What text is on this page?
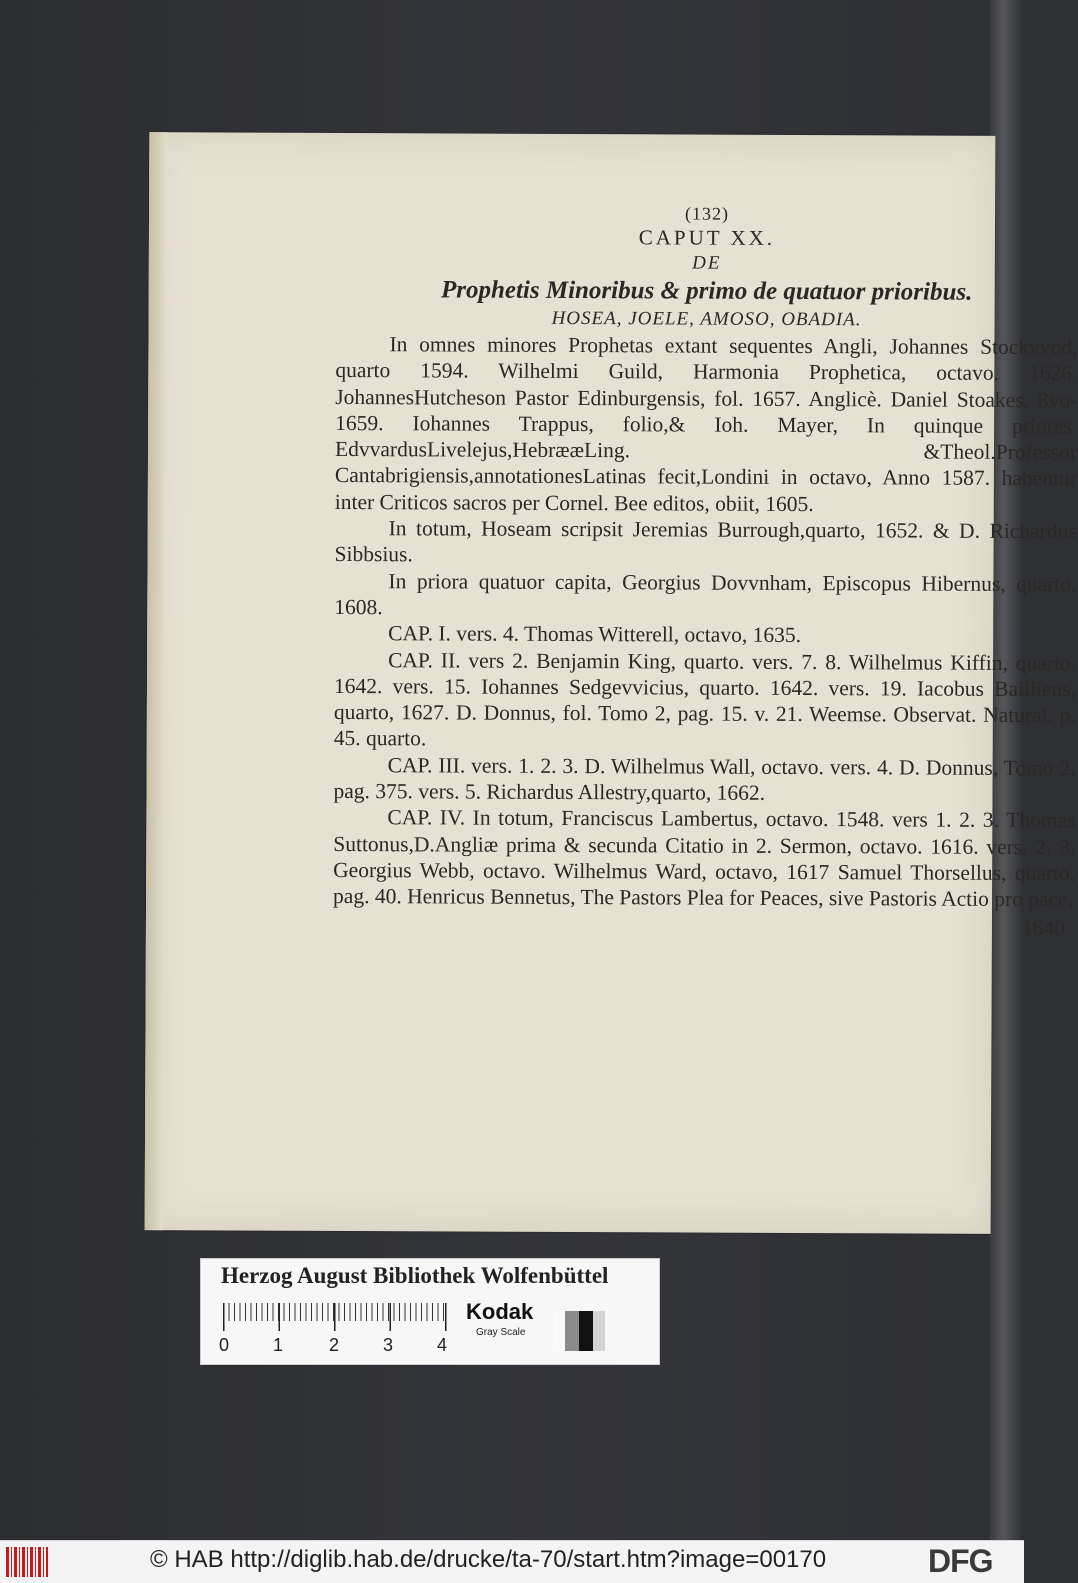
(132)
CAPUT XX.
DE
Prophetis Minoribus & primo de quatuor prioribus.
HOSEA, JOELE, AMOSO, OBADIA.

In omnes minores Prophetas extant sequentes Angli, Johannes Stockvvod, quarto 1594. Wilhelmi Guild, Harmonia Prophetica, octavo. 1626. JohannesHutcheson Pastor Edinburgensis, fol. 1657. Anglicè. Daniel Stoakes, 8vo-1659. Iohannes Trappus, folio,& Ioh. Mayer, In quinque priores. EdvvardusLivelejus,HebrææLing. &Theol.Professor Cantabrigiensis,annotationesLatinas fecit,Londini in octavo, Anno 1587. habentur inter Criticos sacros per Cornel. Bee editos, obiit, 1605.

In totum, Hoseam scripsit Jeremias Burrough,quarto, 1652. & D. Richardus Sibbsius.

In priora quatuor capita, Georgius Dovvnham, Episcopus Hibernus, quarto, 1608.

CAP. I. vers. 4. Thomas Witterell, octavo, 1635.

CAP. II. vers 2. Benjamin King, quarto. vers. 7. 8. Wilhelmus Kiffin, quarto. 1642. vers. 15. Iohannes Sedgevvicius, quarto. 1642. vers. 19. Iacobus Baillieus, quarto, 1627. D. Donnus, fol. Tomo 2, pag. 15. v. 21. Weemse. Observat. Natural. p. 45. quarto.

CAP. III. vers. 1. 2. 3. D. Wilhelmus Wall, octavo. vers. 4. D. Donnus, Tomo 2. pag. 375. vers. 5. Richardus Allestry,quarto, 1662.

CAP. IV. In totum, Franciscus Lambertus, octavo. 1548. vers 1. 2. 3. Thomas Suttonus,D.Angliæ prima & secunda Citatio in 2. Sermon, octavo. 1616. vers. 2. 3. Georgius Webb, octavo. Wilhelmus Ward, octavo, 1617 Samuel Thorsellus, quarto, pag. 40. Henricus Bennetus, The Pastors Plea for Peaces, sive Pastoris Actio pro pace,

1640
Herzog August Bibliothek Wolfenbüttel
0 1	2 3 4
Kodak
Gray Scale
© HAB http://diglib.hab.de/drucke/ta-70/start.htm?image=00170	DFG
